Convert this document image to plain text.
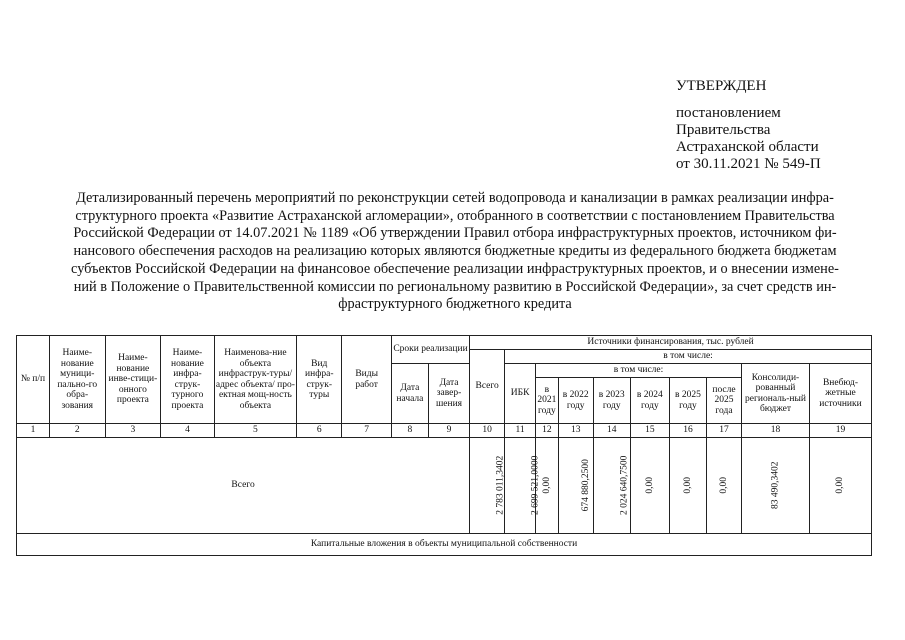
УТВЕРЖДЕН
постановлением
Правительства
Астраханской области
от 30.11.2021 № 549-П
Детализированный перечень мероприятий по реконструкции сетей водопровода и канализации в рамках реализации инфра-
структурного проекта «Развитие Астраханской агломерации», отобранного в соответствии с постановлением Правительства
Российской Федерации от 14.07.2021 № 1189 «Об утверждении Правил отбора инфраструктурных проектов, источником фи-
нансового обеспечения расходов на реализацию которых являются бюджетные кредиты из федерального бюджета бюджетам
субъектов Российской Федерации на финансовое обеспечение реализации инфраструктурных проектов, и о внесении измене-
ний в Положение о Правительственной комиссии по региональному развитию в Российской Федерации», за счет средств ин-
фраструктурного бюджетного кредита
№ п/п	Наиме-нование муници-пально-го обра-зования	Наиме-нование инве-стици-онного проекта	Наиме-нование инфра-струк-турного проекта	Наименова-ние объекта инфраструк-туры/ адрес объекта/ про-ектная мощ-ность объекта	Вид инфра-струк-туры	Виды работ	Сроки реализации		Источники финансирования, тыс. рублей									
									Всего	в том числе:								
							Дата начала	Дата завер-шения		ИБК	в том числе:						Консолиди-рованный региональ-ный бюджет	Внебюд-жетные источники
											в 2021 году	в 2022 году	в 2023 году	в 2024 году	в 2025 году	после 2025 года		
1	2	3	4	5	6	7	8	9	10	11	12	13	14	15	16	17	18	19
Всего									2 783 011,3402	2 699 521,0000	0,00	674 880,2500	2 024 640,7500	0,00	0,00	0,00	83 490,3402	0,00
Капитальные вложения в объекты муниципальной собственности																		
